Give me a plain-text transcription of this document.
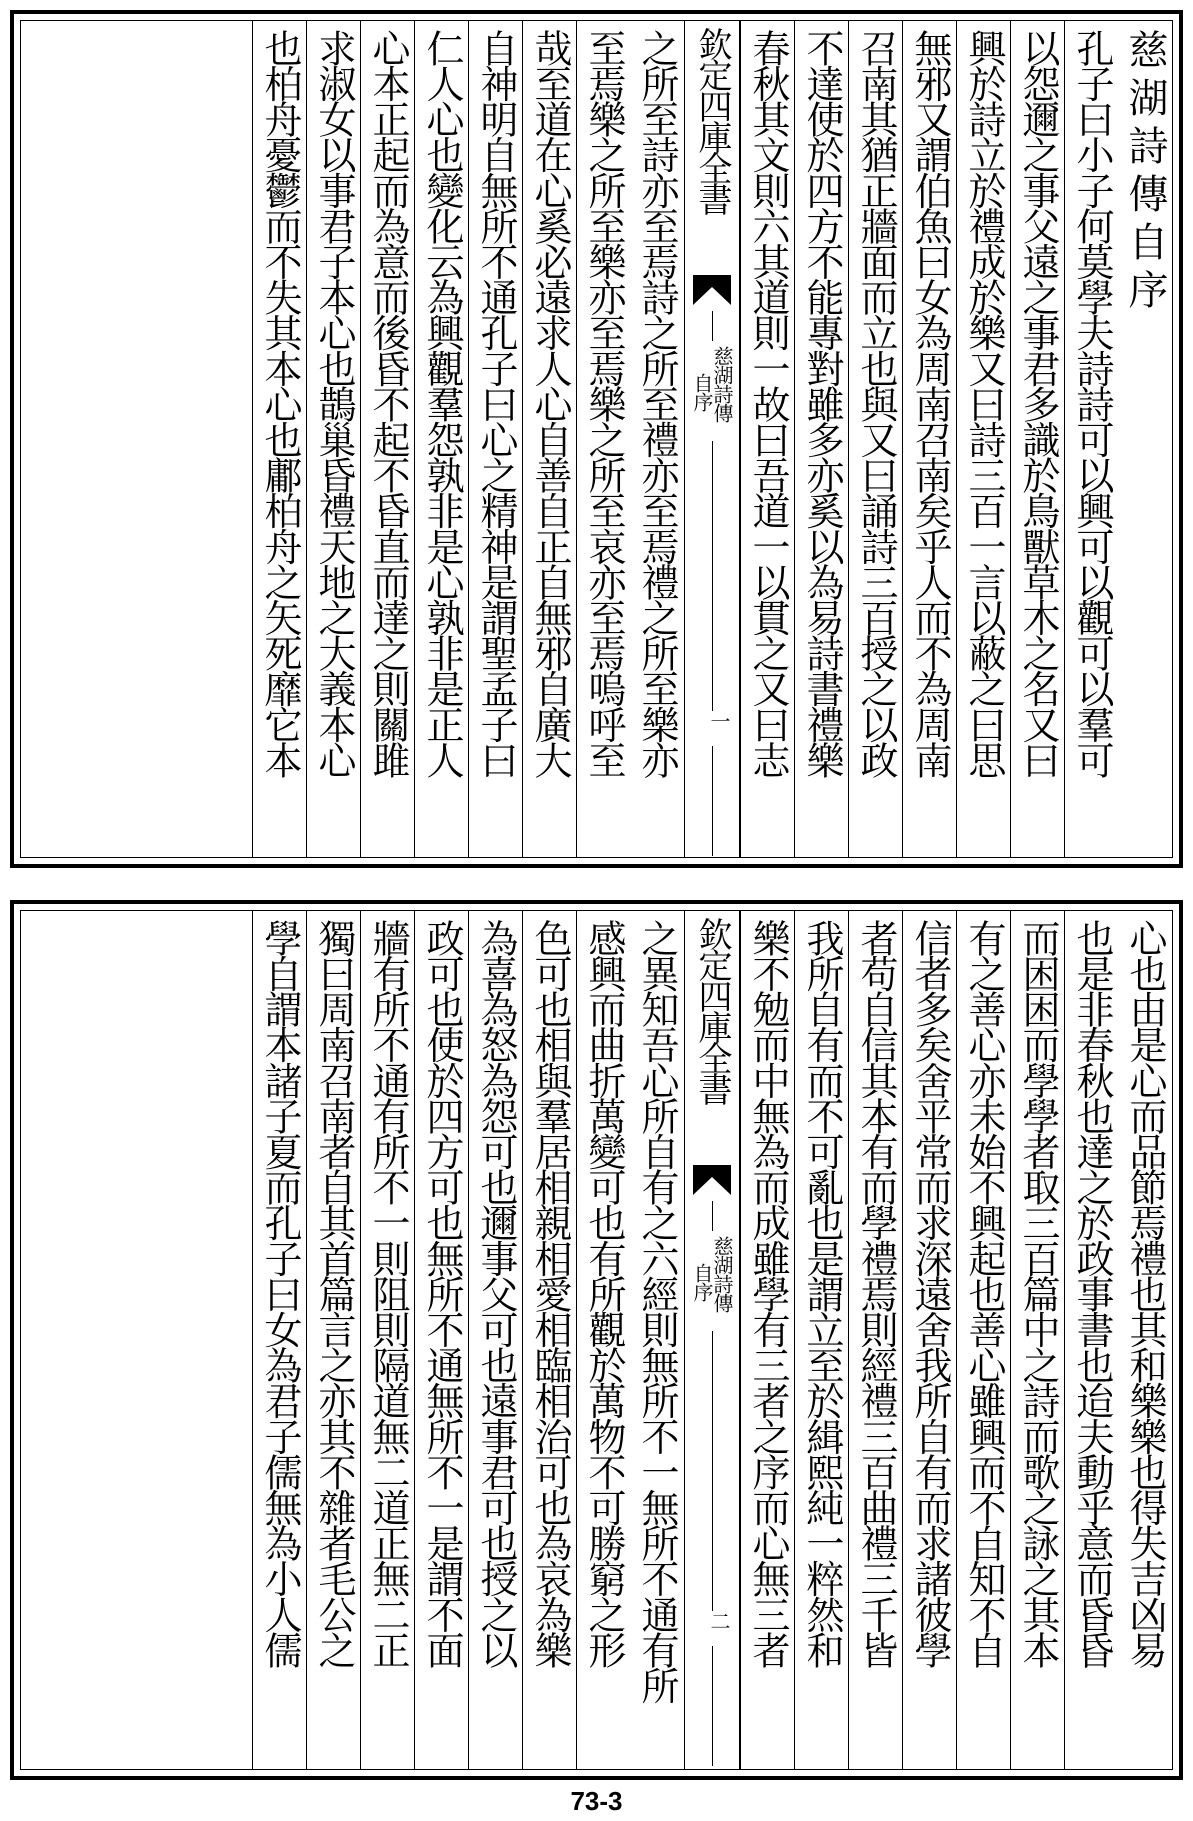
慈湖詩傳自序
孔子曰小子何莫學夫詩詩可以興可以觀可以羣可
以怨邇之事父遠之事君多識於鳥獸草木之名又曰
興於詩立於禮成於樂又曰詩三百一言以蔽之曰思
無邪又謂伯魚曰女為周南召南矣乎人而不為周南
召南其猶正牆面而立也與又曰誦詩三百授之以政
不達使於四方不能專對雖多亦奚以為易詩書禮樂
春秋其文則六其道則一故曰吾道一以貫之又曰志
欽定四庫全書
慈湖詩傳
自序
一
之所至詩亦至焉詩之所至禮亦至焉禮之所至樂亦
至焉樂之所至樂亦至焉樂之所至哀亦至焉嗚呼至
哉至道在心奚必遠求人心自善自正自無邪自廣大
自神明自無所不通孔子曰心之精神是謂聖孟子曰
仁人心也變化云為興觀羣怨孰非是心孰非是正人
心本正起而為意而後昏不起不昏直而達之則關雎
求淑女以事君子本心也鵲巢昏禮天地之大義本心
也柏舟憂鬱而不失其本心也鄘柏舟之矢死靡它本
心也由是心而品節焉禮也其和樂樂也得失吉凶易
也是非春秋也達之於政事書也迨夫動乎意而昏昏
而困困而學學者取三百篇中之詩而歌之詠之其本
有之善心亦未始不興起也善心雖興而不自知不自
信者多矣舍平常而求深遠舍我所自有而求諸彼學
者苟自信其本有而學禮焉則經禮三百曲禮三千皆
我所自有而不可亂也是謂立至於緝熙純一粹然和
樂不勉而中無為而成雖學有三者之序而心無三者
欽定四庫全書
慈湖詩傳
自序
二
之異知吾心所自有之六經則無所不一無所不通有所
感興而曲折萬變可也有所觀於萬物不可勝窮之形
色可也相與羣居相親相愛相臨相治可也為哀為樂
為喜為怒為怨可也邇事父可也遠事君可也授之以
政可也使於四方可也無所不通無所不一是謂不面
牆有所不通有所不一則阻則隔道無二道正無二正
獨曰周南召南者自其首篇言之亦其不雜者毛公之
學自謂本諸子夏而孔子曰女為君子儒無為小人儒
73-3
